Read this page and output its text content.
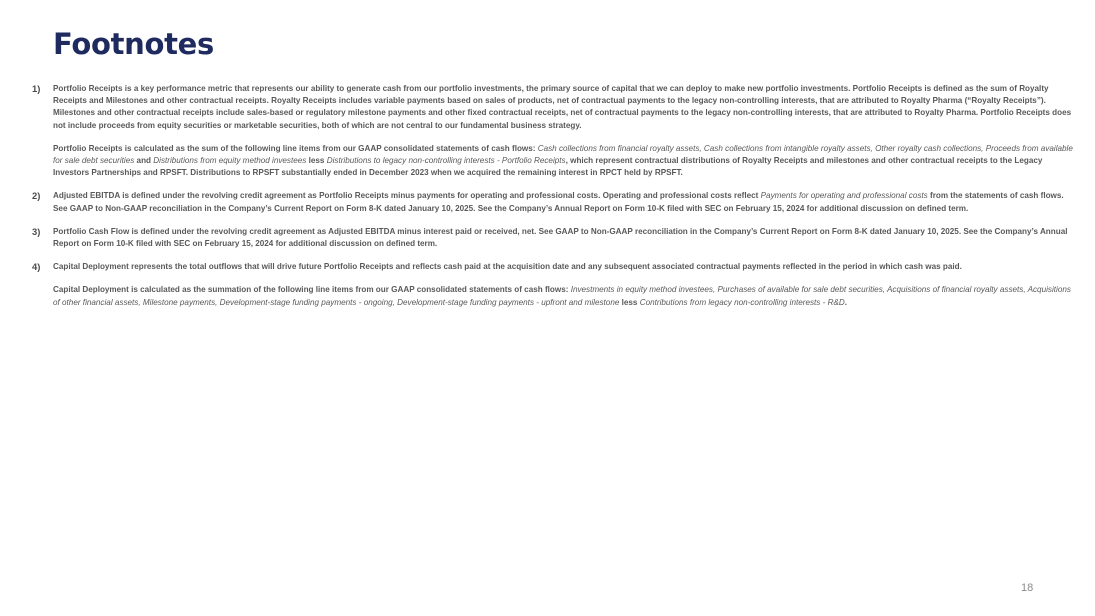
Footnotes
1) Portfolio Receipts is a key performance metric that represents our ability to generate cash from our portfolio investments, the primary source of capital that we can deploy to make new portfolio investments. Portfolio Receipts is defined as the sum of Royalty Receipts and Milestones and other contractual receipts. Royalty Receipts includes variable payments based on sales of products, net of contractual payments to the legacy non-controlling interests, that are attributed to Royalty Pharma (“Royalty Receipts”). Milestones and other contractual receipts include sales-based or regulatory milestone payments and other fixed contractual receipts, net of contractual payments to the legacy non-controlling interests, that are attributed to Royalty Pharma. Portfolio Receipts does not include proceeds from equity securities or marketable securities, both of which are not central to our fundamental business strategy.

Portfolio Receipts is calculated as the sum of the following line items from our GAAP consolidated statements of cash flows: Cash collections from financial royalty assets, Cash collections from intangible royalty assets, Other royalty cash collections, Proceeds from available for sale debt securities and Distributions from equity method investees less Distributions to legacy non-controlling interests - Portfolio Receipts, which represent contractual distributions of Royalty Receipts and milestones and other contractual receipts to the Legacy Investors Partnerships and RPSFT. Distributions to RPSFT substantially ended in December 2023 when we acquired the remaining interest in RPCT held by RPSFT.

2) Adjusted EBITDA is defined under the revolving credit agreement as Portfolio Receipts minus payments for operating and professional costs. Operating and professional costs reflect Payments for operating and professional costs from the statements of cash flows. See GAAP to Non-GAAP reconciliation in the Company’s Current Report on Form 8-K dated January 10, 2025. See the Company’s Annual Report on Form 10-K filed with SEC on February 15, 2024 for additional discussion on defined term.

3) Portfolio Cash Flow is defined under the revolving credit agreement as Adjusted EBITDA minus interest paid or received, net. See GAAP to Non-GAAP reconciliation in the Company’s Current Report on Form 8-K dated January 10, 2025. See the Company’s Annual Report on Form 10-K filed with SEC on February 15, 2024 for additional discussion on defined term.

4) Capital Deployment represents the total outflows that will drive future Portfolio Receipts and reflects cash paid at the acquisition date and any subsequent associated contractual payments reflected in the period in which cash was paid.

Capital Deployment is calculated as the summation of the following line items from our GAAP consolidated statements of cash flows: Investments in equity method investees, Purchases of available for sale debt securities, Acquisitions of financial royalty assets, Acquisitions of other financial assets, Milestone payments, Development-stage funding payments - ongoing, Development-stage funding payments - upfront and milestone less Contributions from legacy non-controlling interests - R&D.

18
